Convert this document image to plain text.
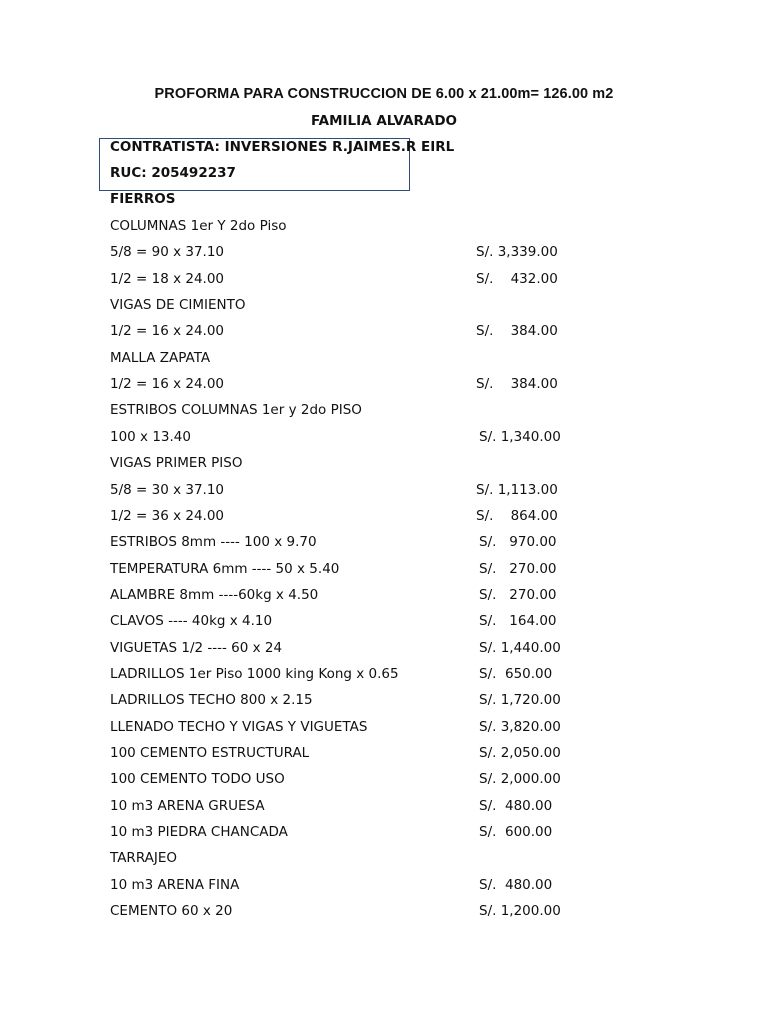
PROFORMA PARA CONSTRUCCION DE 6.00 x 21.00m= 126.00 m2
FAMILIA ALVARADO
CONTRATISTA: INVERSIONES R.JAIMES.R EIRL
RUC: 205492237
FIERROS
COLUMNAS 1er Y 2do Piso
5/8 = 90 x 37.10	S/. 3,339.00
1/2 = 18 x 24.00	S/.    432.00
VIGAS DE CIMIENTO
1/2 = 16 x 24.00	S/.    384.00
MALLA ZAPATA
1/2 = 16 x 24.00	S/.    384.00
ESTRIBOS COLUMNAS 1er y 2do PISO
100 x 13.40	S/. 1,340.00
VIGAS PRIMER PISO
5/8 = 30 x 37.10	S/. 1,113.00
1/2 = 36 x 24.00	S/.    864.00
ESTRIBOS 8mm ---- 100 x 9.70	S/.   970.00
TEMPERATURA 6mm ---- 50 x 5.40	S/.   270.00
ALAMBRE 8mm ----60kg x 4.50	S/.   270.00
CLAVOS ---- 40kg x 4.10	S/.   164.00
VIGUETAS 1/2 ---- 60 x 24	S/. 1,440.00
LADRILLOS 1er Piso 1000 king Kong x 0.65	S/.  650.00
LADRILLOS TECHO 800 x 2.15	S/. 1,720.00
LLENADO TECHO Y VIGAS Y VIGUETAS	S/. 3,820.00
100 CEMENTO ESTRUCTURAL	S/. 2,050.00
100 CEMENTO TODO USO	S/. 2,000.00
10 m3 ARENA GRUESA	S/.  480.00
10 m3 PIEDRA CHANCADA	S/.  600.00
TARRAJEO
10 m3 ARENA FINA	S/.  480.00
CEMENTO 60 x 20	S/. 1,200.00
